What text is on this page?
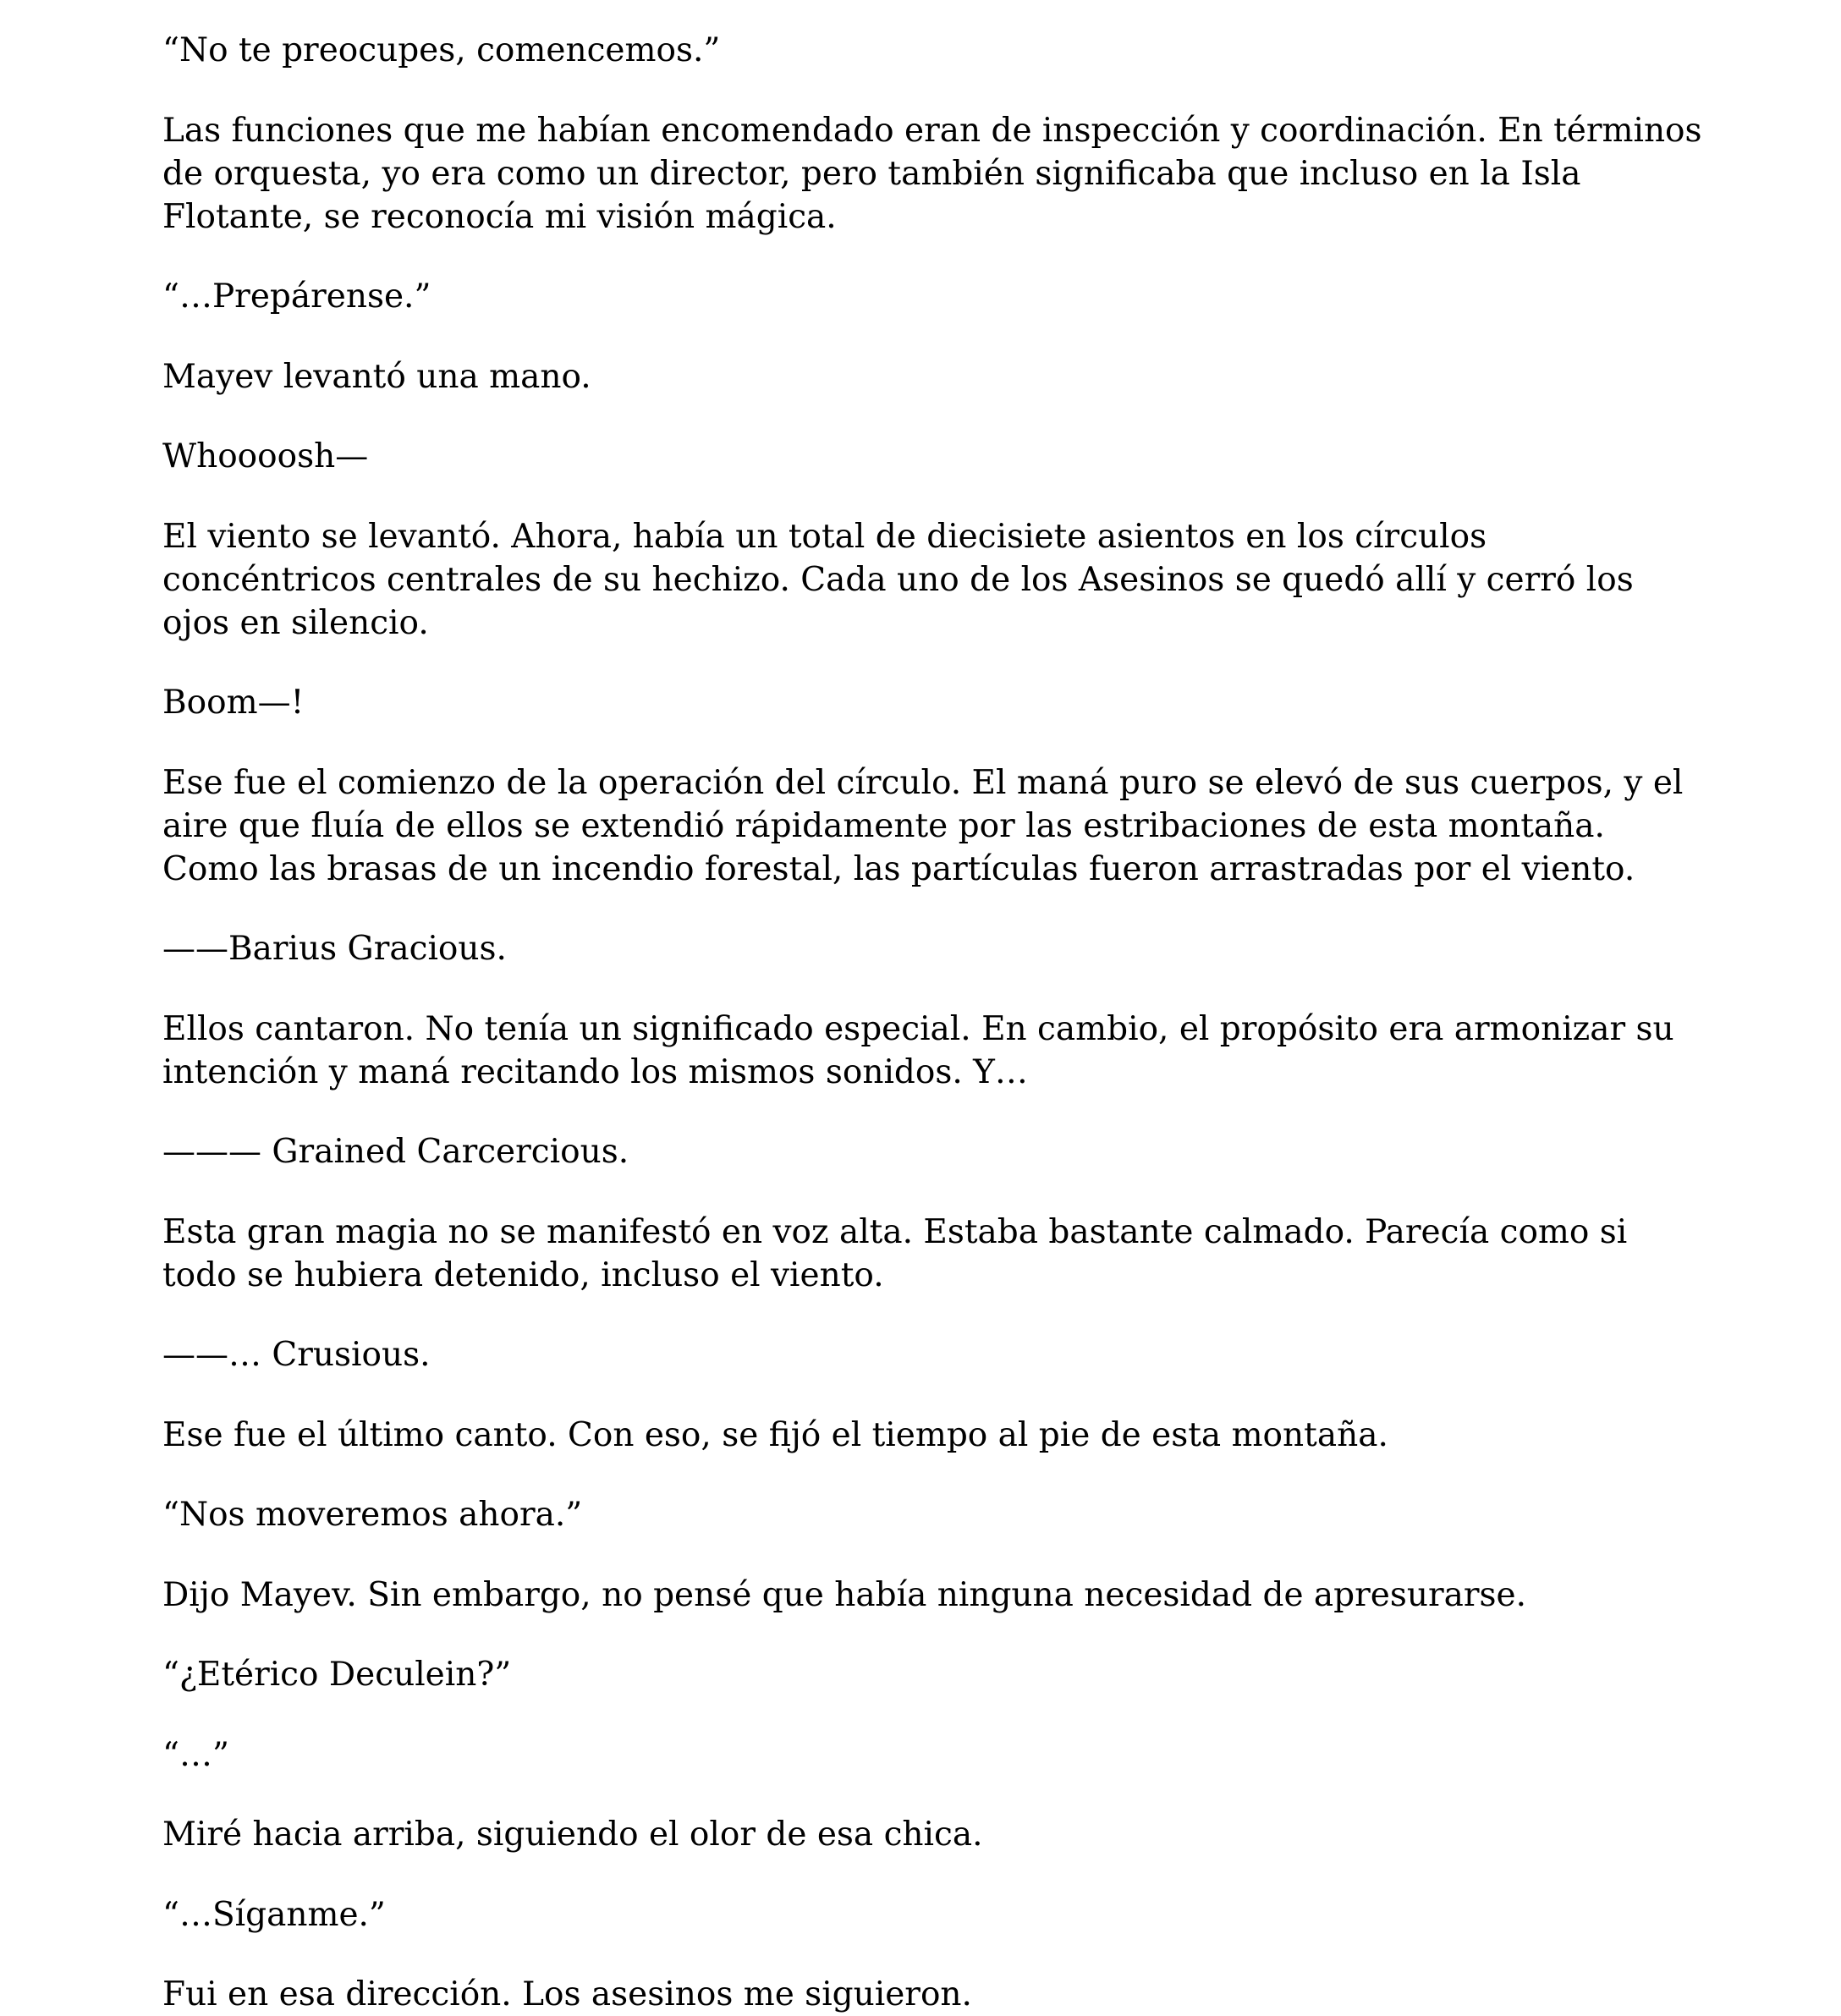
“No te preocupes, comencemos.”

Las funciones que me habían encomendado eran de inspección y coordinación. En términos de orquesta, yo era como un director, pero también significaba que incluso en la Isla Flotante, se reconocía mi visión mágica.

“…Prepárense.”

Mayev levantó una mano.

Whoooosh—

El viento se levantó. Ahora, había un total de diecisiete asientos en los círculos concéntricos centrales de su hechizo. Cada uno de los Asesinos se quedó allí y cerró los ojos en silencio.

Boom—!

Ese fue el comienzo de la operación del círculo. El maná puro se elevó de sus cuerpos, y el aire que fluía de ellos se extendió rápidamente por las estribaciones de esta montaña. Como las brasas de un incendio forestal, las partículas fueron arrastradas por el viento.

——Barius Gracious.

Ellos cantaron. No tenía un significado especial. En cambio, el propósito era armonizar su intención y maná recitando los mismos sonidos. Y…

——— Grained Carcercious.

Esta gran magia no se manifestó en voz alta. Estaba bastante calmado. Parecía como si todo se hubiera detenido, incluso el viento.

——… Crusious.

Ese fue el último canto. Con eso, se fijó el tiempo al pie de esta montaña.

“Nos moveremos ahora.”

Dijo Mayev. Sin embargo, no pensé que había ninguna necesidad de apresurarse.

“¿Etérico Deculein?”

“…”

Miré hacia arriba, siguiendo el olor de esa chica.

“…Síganme.”

Fui en esa dirección. Los asesinos me siguieron.
